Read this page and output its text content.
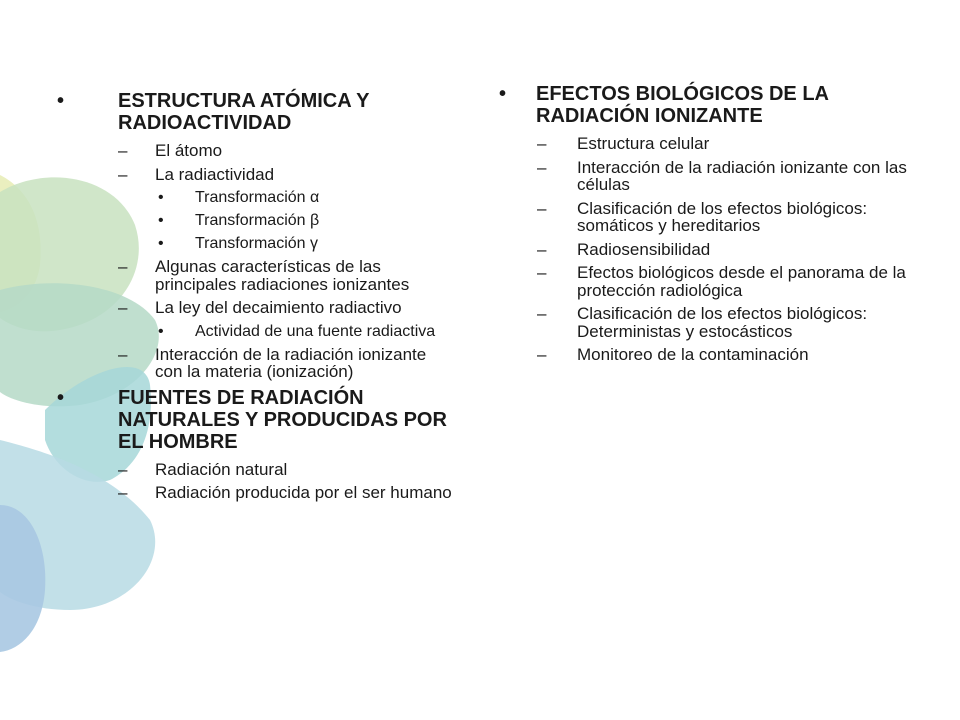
•	ESTRUCTURA ATÓMICA Y RADIOACTIVIDAD
– El átomo
– La radiactividad
• Transformación α
• Transformación β
• Transformación γ
– Algunas características de las principales radiaciones ionizantes
– La ley del decaimiento radiactivo
• Actividad de una fuente radiactiva
– Interacción de la radiación ionizante con la materia (ionización)
•	FUENTES DE RADIACIÓN NATURALES Y PRODUCIDAS POR EL HOMBRE
– Radiación natural
– Radiación producida por el ser humano
• EFECTOS BIOLÓGICOS DE LA RADIACIÓN IONIZANTE
– Estructura celular
– Interacción de la radiación ionizante con las células
– Clasificación de los efectos biológicos: somáticos y hereditarios
– Radiosensibilidad
– Efectos biológicos desde el panorama de la protección radiológica
– Clasificación de los efectos biológicos: Deterministas y estocásticos
– Monitoreo de la contaminación
